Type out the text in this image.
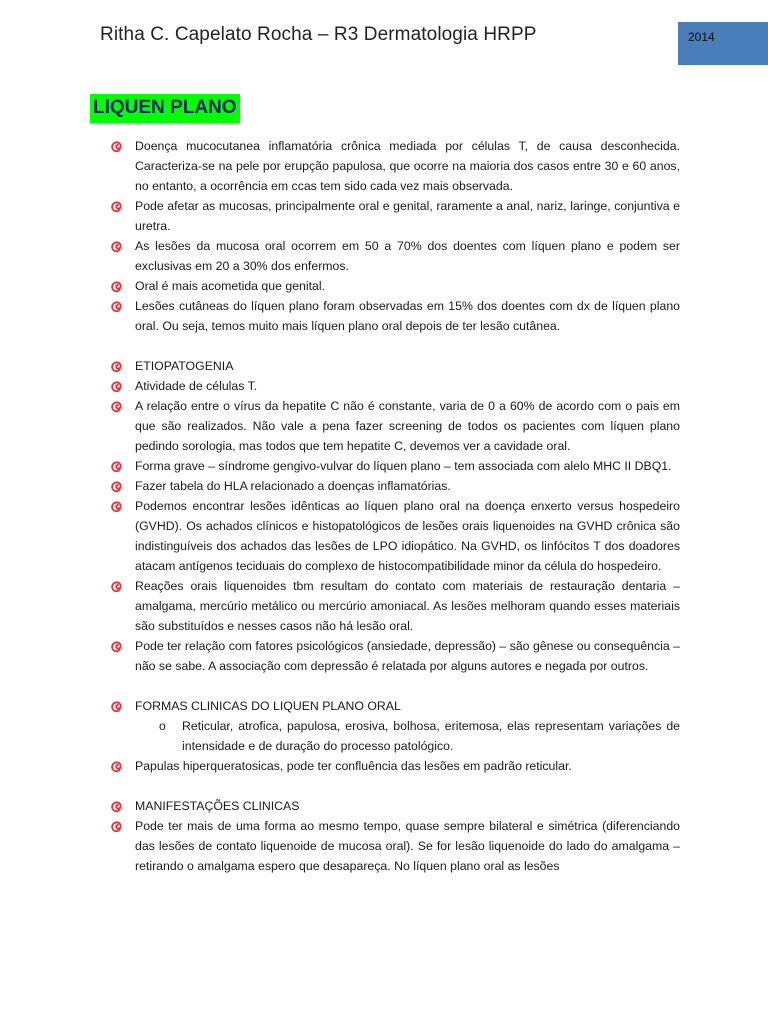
Ritha C. Capelato Rocha – R3 Dermatologia HRPP	2014
LIQUEN PLANO
Doença mucocutanea inflamatória crônica mediada por células T, de causa desconhecida. Caracteriza-se na pele por erupção papulosa, que ocorre na maioria dos casos entre 30 e 60 anos, no entanto, a ocorrência em ccas tem sido cada vez mais observada.
Pode afetar as mucosas, principalmente oral e genital, raramente a anal, nariz, laringe, conjuntiva e uretra.
As lesões da mucosa oral ocorrem em 50 a 70% dos doentes com líquen plano e podem ser exclusivas em 20 a 30% dos enfermos.
Oral é mais acometida que genital.
Lesões cutâneas do líquen plano foram observadas em 15% dos doentes com dx de líquen plano oral. Ou seja, temos muito mais líquen plano oral depois de ter lesão cutânea.
ETIOPATOGENIA
Atividade de células T.
A relação entre o vírus da hepatite C não é constante, varia de 0 a 60% de acordo com o pais em que são realizados. Não vale a pena fazer screening de todos os pacientes com líquen plano pedindo sorologia, mas todos que tem hepatite C, devemos ver a cavidade oral.
Forma grave – síndrome gengivo-vulvar do líquen plano – tem associada com alelo MHC II DBQ1.
Fazer tabela do HLA relacionado a doenças inflamatórias.
Podemos encontrar lesões idênticas ao líquen plano oral na doença enxerto versus hospedeiro (GVHD). Os achados clínicos e histopatológicos de lesões orais liquenoides na GVHD crônica são indistinguíveis dos achados das lesões de LPO idiopático. Na GVHD, os linfócitos T dos doadores atacam antígenos teciduais do complexo de histocompatibilidade minor da célula do hospedeiro.
Reações orais liquenoides tbm resultam do contato com materiais de restauração dentaria – amalgama, mercúrio metálico ou mercúrio amoniacal. As lesões melhoram quando esses materiais são substituídos e nesses casos não há lesão oral.
Pode ter relação com fatores psicológicos (ansiedade, depressão) – são gênese ou consequência – não se sabe. A associação com depressão é relatada por alguns autores e negada por outros.
FORMAS CLINICAS DO LIQUEN PLANO ORAL
o Reticular, atrofica, papulosa, erosiva, bolhosa, eritemosa, elas representam variações de intensidade e de duração do processo patológico.
Papulas hiperqueratosicas, pode ter confluência das lesões em padrão reticular.
MANIFESTAÇÕES CLINICAS
Pode ter mais de uma forma ao mesmo tempo, quase sempre bilateral e simétrica (diferenciando das lesões de contato liquenoide de mucosa oral). Se for lesão liquenoide do lado do amalgama – retirando o amalgama espero que desapareça. No líquen plano oral as lesões
